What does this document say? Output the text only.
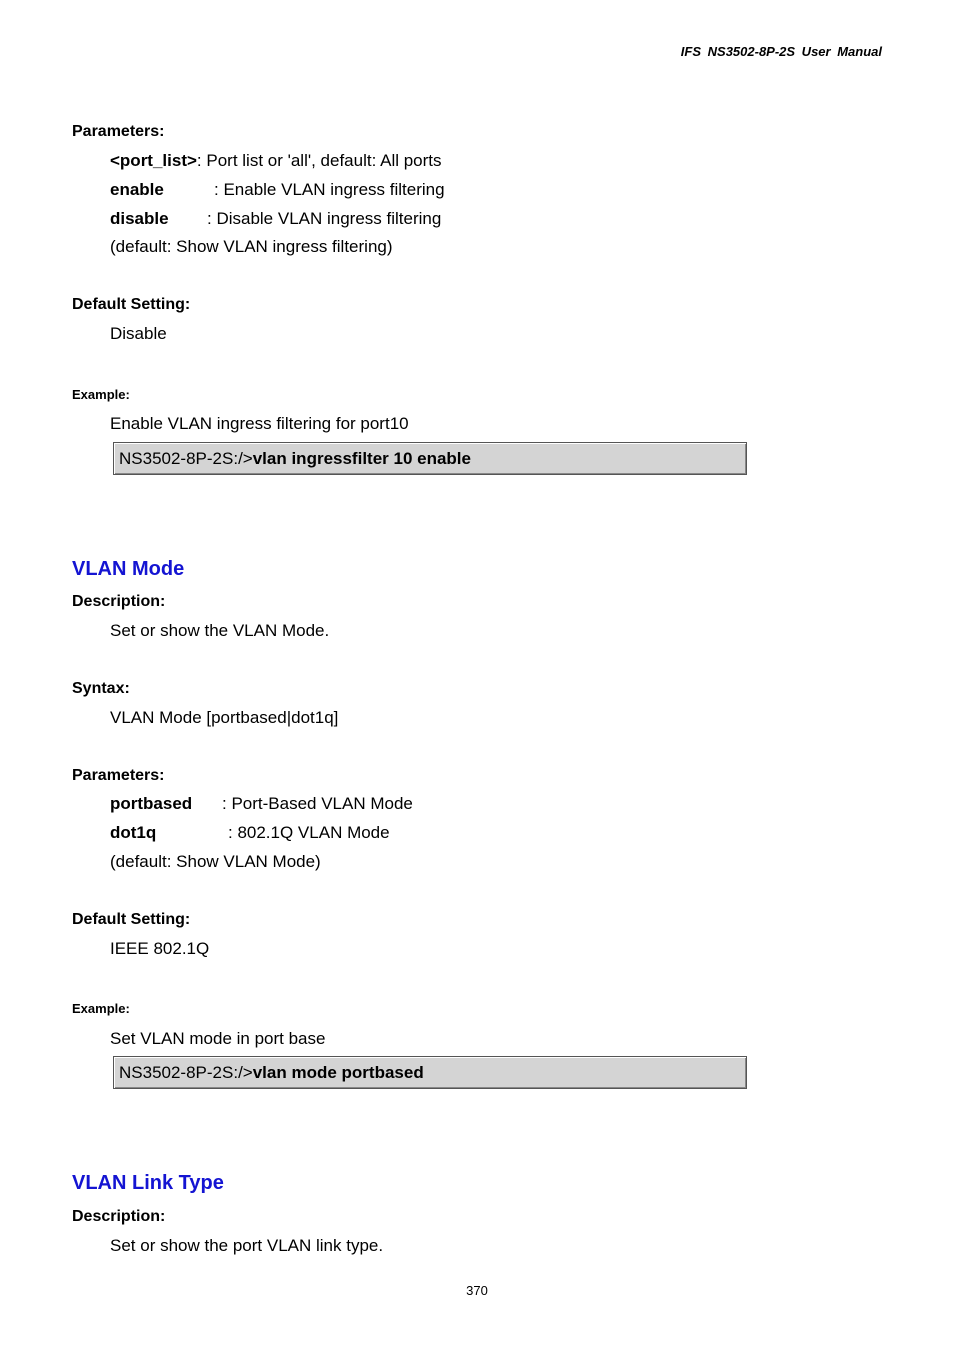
IFS NS3502-8P-2S User Manual
Parameters:
<port_list>: Port list or 'all', default: All ports
enable	: Enable VLAN ingress filtering
disable : Disable VLAN ingress filtering
(default: Show VLAN ingress filtering)
Default Setting:
Disable
Example:
Enable VLAN ingress filtering for port10
NS3502-8P-2S:/>vlan ingressfilter 10 enable
VLAN Mode
Description:
Set or show the VLAN Mode.
Syntax:
VLAN Mode [portbased|dot1q]
Parameters:
portbased : Port-Based VLAN Mode
dot1q	: 802.1Q VLAN Mode
(default: Show VLAN Mode)
Default Setting:
IEEE 802.1Q
Example:
Set VLAN mode in port base
NS3502-8P-2S:/>vlan mode portbased
VLAN Link Type
Description:
Set or show the port VLAN link type.
370
